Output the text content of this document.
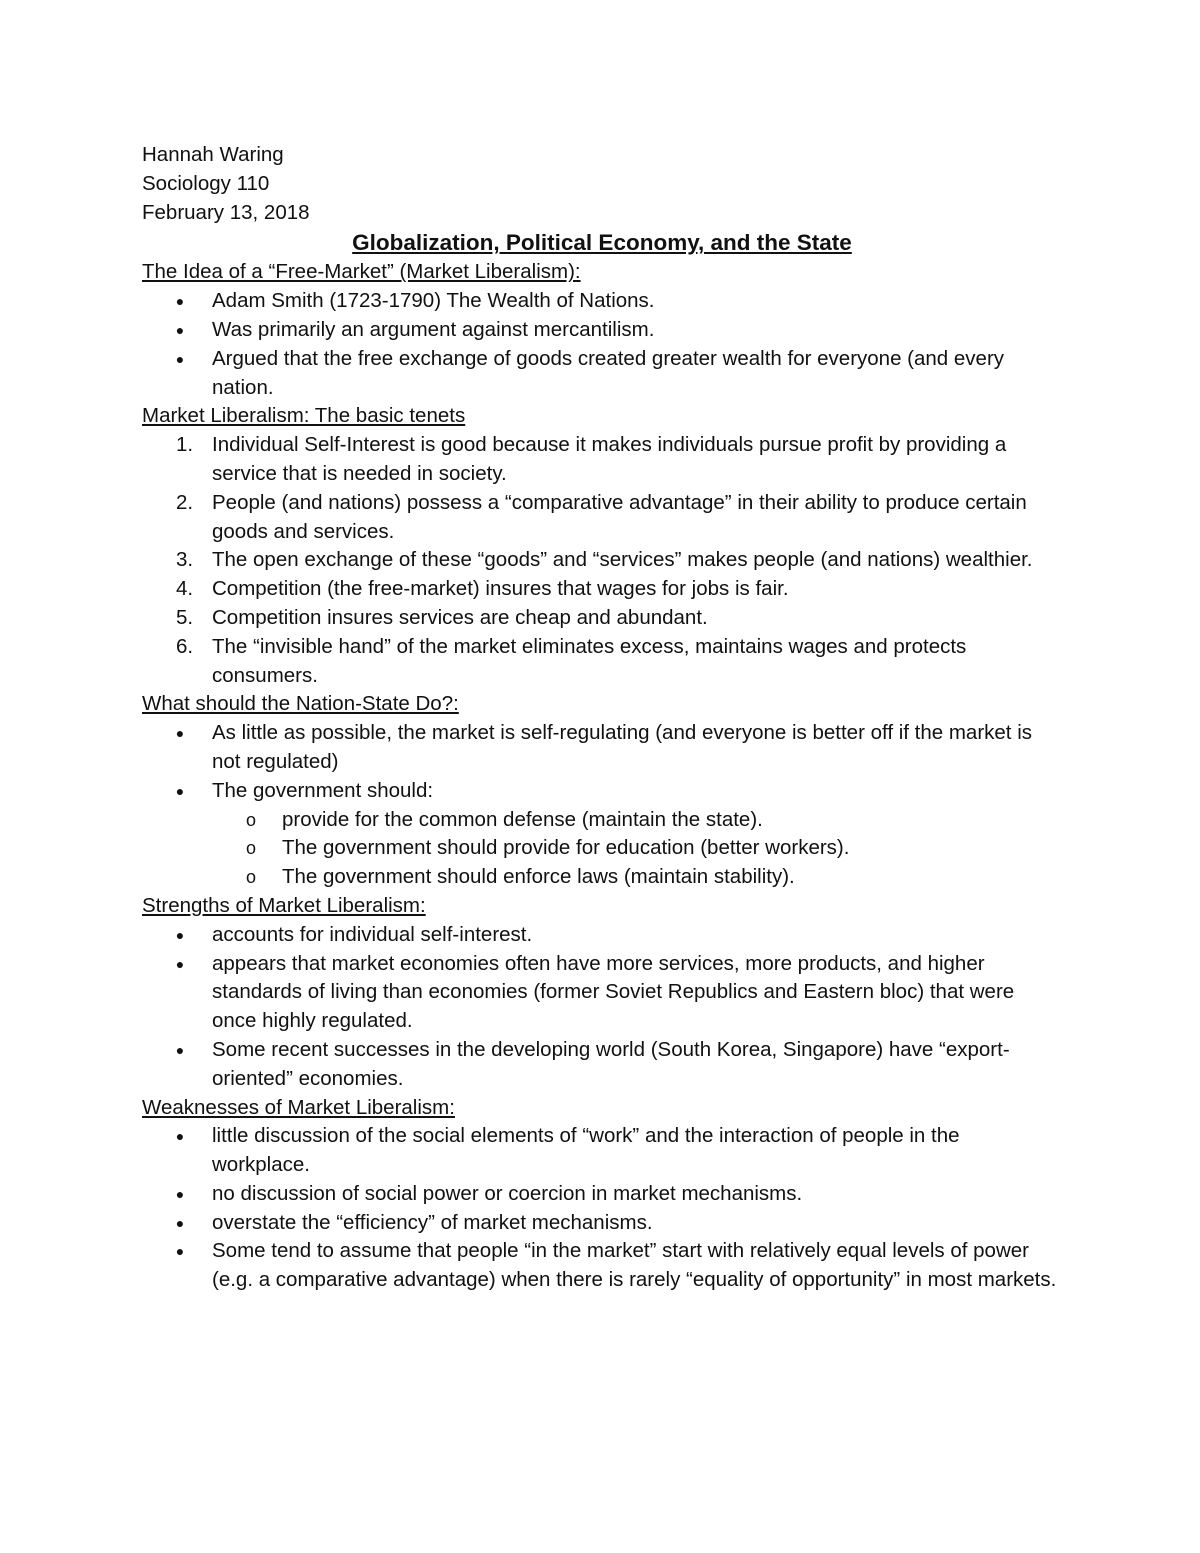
Hannah Waring

Sociology 110

February 13, 2018

Globalization, Political Economy, and the State

The Idea of a “Free-Market” (Market Liberalism):

● Adam Smith (1723-1790) The Wealth of Nations.
● Was primarily an argument against mercantilism.
● Argued that the free exchange of goods created greater wealth for everyone (and every nation.

Market Liberalism: The basic tenets

1. Individual Self-Interest is good because it makes individuals pursue profit by providing a service that is needed in society.
2. People (and nations) possess a “comparative advantage” in their ability to produce certain goods and services.
3. The open exchange of these “goods” and “services” makes people (and nations) wealthier.
4. Competition (the free-market) insures that wages for jobs is fair.
5. Competition insures services are cheap and abundant.
6. The “invisible hand” of the market eliminates excess, maintains wages and protects consumers.

What should the Nation-State Do?:

● As little as possible, the market is self-regulating (and everyone is better off if the market is not regulated)
● The government should:
o provide for the common defense (maintain the state).
o The government should provide for education (better workers).
o The government should enforce laws (maintain stability).

Strengths of Market Liberalism:

● accounts for individual self-interest.
● appears that market economies often have more services, more products, and higher standards of living than economies (former Soviet Republics and Eastern bloc) that were once highly regulated.
● Some recent successes in the developing world (South Korea, Singapore) have “export-oriented” economies.

Weaknesses of Market Liberalism:

● little discussion of the social elements of “work” and the interaction of people in the workplace.
● no discussion of social power or coercion in market mechanisms.
● overstate the “efficiency” of market mechanisms.
● Some tend to assume that people “in the market” start with relatively equal levels of power (e.g. a comparative advantage) when there is rarely “equality of opportunity” in most markets.
